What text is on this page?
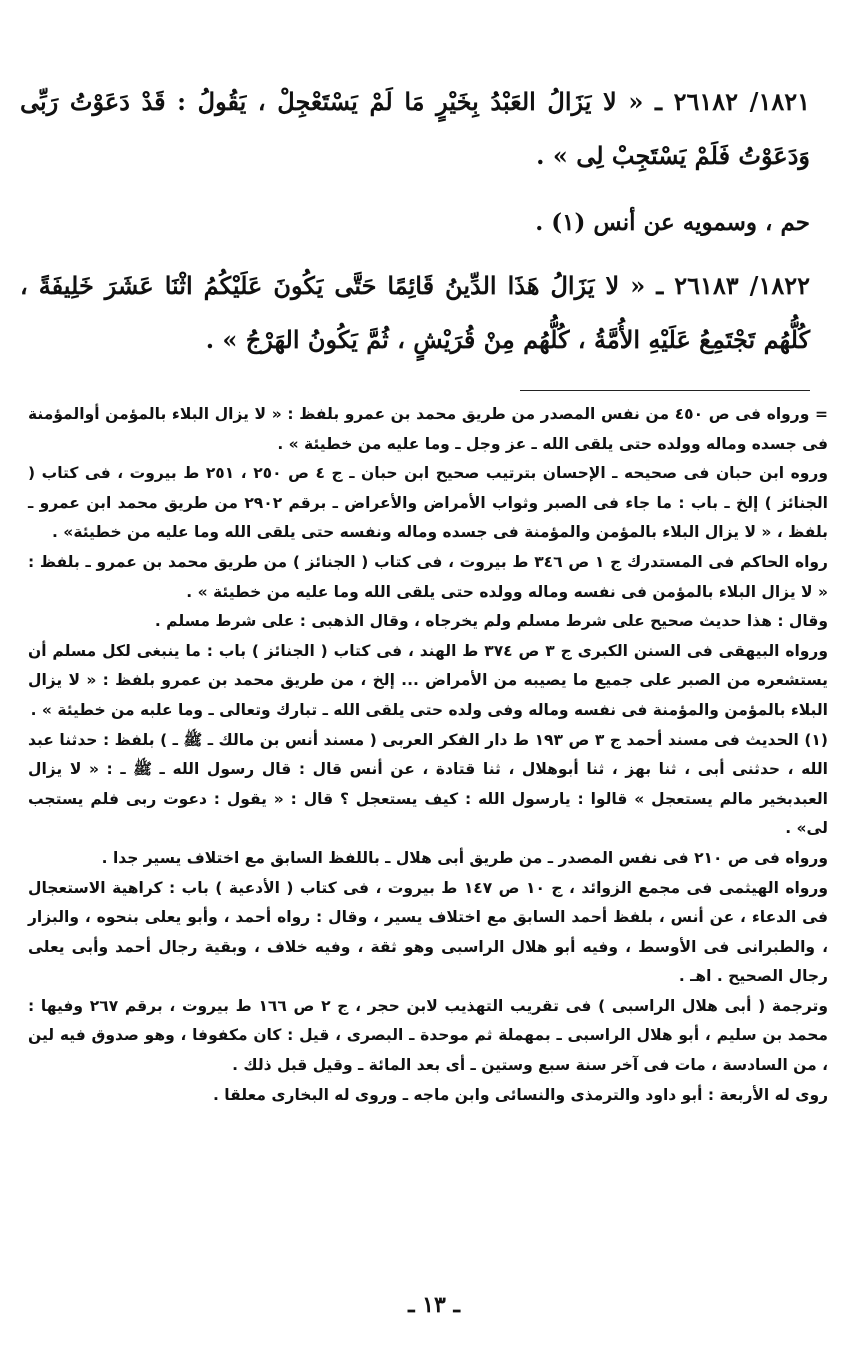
١٨٢١/ ٢٦١٨٢ ـ « لا يَزَالُ العَبْدُ بِخَيْرٍ مَا لَمْ يَسْتَعْجِلْ ، يَقُولُ : قَدْ دَعَوْتُ رَبِّى وَدَعَوْتُ فَلَمْ يَسْتَجِبْ لِى » .

حم ، وسمويه عن أنس (١) .

١٨٢٢/ ٢٦١٨٣ ـ « لا يَزَالُ هَذَا الدِّينُ قَائِمًا حَتَّى يَكُونَ عَلَيْكُمُ اثْنَا عَشَرَ خَلِيفَةً ، كُلُّهُم تَجْتَمِعُ عَلَيْهِ الأُمَّةُ ، كُلُّهُم مِنْ قُرَيْشٍ ، ثُمَّ يَكُونُ الهَرْجُ » .

= ورواه فى ص ٤٥٠ من نفس المصدر من طريق محمد بن عمرو بلفظ : « لا يزال البلاء بالمؤمن أوالمؤمنة فى جسده وماله وولده حتى يلقى الله ـ عز وجل ـ وما عليه من خطيئة » .

وروه ابن حبان فى صحيحه ـ الإحسان بترتيب صحيح ابن حبان ـ ج ٤ ص ٢٥٠ ، ٢٥١ ط بيروت ، فى كتاب ( الجنائز ) إلخ ـ باب : ما جاء فى الصبر وثواب الأمراض والأعراض ـ برقم ٢٩٠٢ من طريق محمد ابن عمرو ـ بلفظ ، « لا يزال البلاء بالمؤمن والمؤمنة فى جسده وماله ونفسه حتى يلقى الله وما عليه من خطيئة» .

رواه الحاكم فى المستدرك ج ١ ص ٣٤٦ ط بيروت ، فى كتاب ( الجنائز ) من طريق محمد بن عمرو ـ بلفظ : « لا يزال البلاء بالمؤمن فى نفسه وماله وولده حتى يلقى الله وما عليه من خطيئة » .

وقال : هذا حديث صحيح على شرط مسلم ولم يخرجاه ، وقال الذهبى : على شرط مسلم .

ورواه البيهقى فى السنن الكبرى ج ٣ ص ٣٧٤ ط الهند ، فى كتاب ( الجنائز ) باب : ما ينبغى لكل مسلم أن يستشعره من الصبر على جميع ما يصيبه من الأمراض ... إلخ ، من طريق محمد بن عمرو بلفظ : « لا يزال البلاء بالمؤمن والمؤمنة فى نفسه وماله وفى ولده حتى يلقى الله ـ تبارك وتعالى ـ وما علبه من خطيئة » .

(١) الحديث فى مسند أحمد ج ٣ ص ١٩٣ ط دار الفكر العربى ( مسند أنس بن مالك ـ ﷺ ـ ) بلفظ : حدثنا عبد الله ، حدثنى أبى ، ثنا بهز ، ثنا أبوهلال ، ثنا قتادة ، عن أنس قال : قال رسول الله ـ ﷺ ـ : « لا يزال العبدبخير مالم يستعجل » قالوا : يارسول الله : كيف يستعجل ؟ قال : « يقول : دعوت ربى فلم يستجب لى» .

ورواه فى ص ٢١٠ فى نفس المصدر ـ من طريق أبى هلال ـ باللفظ السابق مع اختلاف يسير جدا .

ورواه الهيثمى فى مجمع الزوائد ، ج ١٠ ص ١٤٧ ط بيروت ، فى كتاب ( الأدعية ) باب : كراهية الاستعجال فى الدعاء ، عن أنس ، بلفظ أحمد السابق مع اختلاف يسير ، وقال : رواه أحمد ، وأبو يعلى بنحوه ، والبزار ، والطبرانى فى الأوسط ، وفيه أبو هلال الراسبى وهو ثقة ، وفيه خلاف ، وبقية رجال أحمد وأبى يعلى رجال الصحيح . اهـ .

وترجمة ( أبى هلال الراسبى ) فى تقريب التهذيب لابن حجر ، ج ٢ ص ١٦٦ ط بيروت ، برقم ٢٦٧ وفيها : محمد بن سليم ، أبو هلال الراسبى ـ بمهملة ثم موحدة ـ البصرى ، قيل : كان مكفوفا ، وهو صدوق فيه لين ، من السادسة ، مات فى آخر سنة سبع وستين ـ أى بعد المائة ـ وقيل قبل ذلك .

روى له الأربعة : أبو داود والترمذى والنسائى وابن ماجه ـ وروى له البخارى معلقا .

ـ ١٣ ـ
